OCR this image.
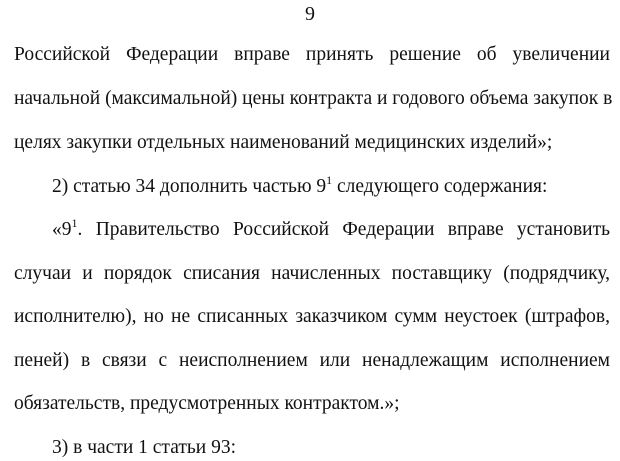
9
Российской Федерации вправе принять решение об увеличении
начальной (максимальной) цены контракта и годового объема закупок в
целях закупки отдельных наименований медицинских изделий»;
2) статью 34 дополнить частью $9^1$ следующего содержания:
«$9^1$. Правительство Российской Федерации вправе установить
случаи и порядок списания начисленных поставщику (подрядчику,
исполнителю), но не списанных заказчиком сумм неустоек (штрафов,
пеней) в связи с неисполнением или ненадлежащим исполнением
обязательств, предусмотренных контрактом.»;
3) в части 1 статьи 93:
